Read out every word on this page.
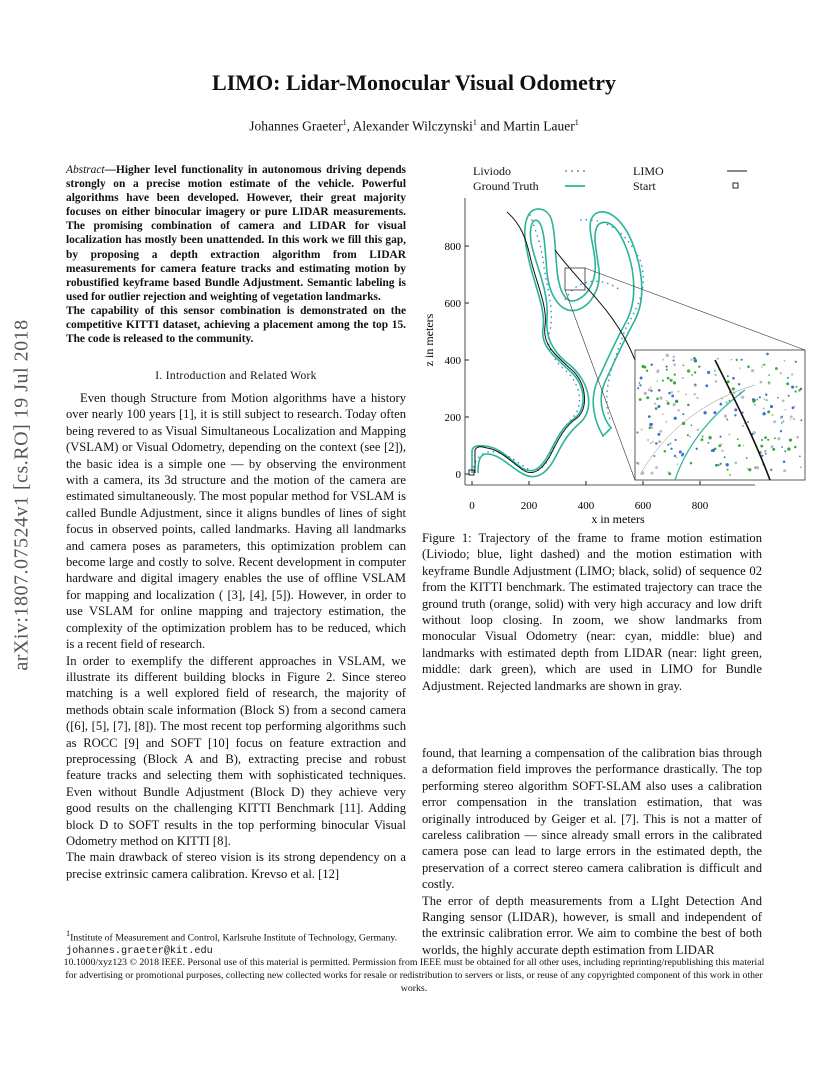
LIMO: Lidar-Monocular Visual Odometry
Johannes Graeter$^1$, Alexander Wilczynski$^1$ and Martin Lauer$^1$
arXiv:1807.07524v1 [cs.RO] 19 Jul 2018

Abstract—Higher level functionality in autonomous driving depends strongly on a precise motion estimate of the vehicle. Powerful algorithms have been developed. However, their great majority focuses on either binocular imagery or pure LIDAR measurements. The promising combination of camera and LIDAR for visual localization has mostly been unattended. In this work we fill this gap, by proposing a depth extraction algorithm from LIDAR measurements for camera feature tracks and estimating motion by robustified keyframe based Bundle Adjustment. Semantic labeling is used for outlier rejection and weighting of vegetation landmarks.

The capability of this sensor combination is demonstrated on the competitive KITTI dataset, achieving a placement among the top 15. The code is released to the community.

I. Introduction and Related Work

Even though Structure from Motion algorithms have a history over nearly 100 years [1], it is still subject to research. Today often being revered to as Visual Simultaneous Localization and Mapping (VSLAM) or Visual Odometry, depending on the context (see [2]), the basic idea is a simple one — by observing the environment with a camera, its 3d structure and the motion of the camera are estimated simultaneously. The most popular method for VSLAM is called Bundle Adjustment, since it aligns bundles of lines of sight focus in observed points, called landmarks. Having all landmarks and camera poses as parameters, this optimization problem can become large and costly to solve. Recent development in computer hardware and digital imagery enables the use of offline VSLAM for mapping and localization ( [3], [4], [5]). However, in order to use VSLAM for online mapping and trajectory estimation, the complexity of the optimization problem has to be reduced, which is a recent field of research.

In order to exemplify the different approaches in VSLAM, we illustrate its different building blocks in Figure 2. Since stereo matching is a well explored field of research, the majority of methods obtain scale information (Block S) from a second camera ([6], [5], [7], [8]). The most recent top performing algorithms such as ROCC [9] and SOFT [10] focus on feature extraction and preprocessing (Block A and B), extracting precise and robust feature tracks and selecting them with sophisticated techniques. Even without Bundle Adjustment (Block D) they achieve very good results on the challenging KITTI Benchmark [11]. Adding block D to SOFT results in the top performing binocular Visual Odometry method on KITTI [8].

The main drawback of stereo vision is its strong dependency on a precise extrinsic camera calibration. Krevso et al. [12]

$^1$Institute of Measurement and Control, Karlsruhe Institute of Technology, Germany. johannes.graeter@kit.edu
Liviodo
Ground Truth
LIMO
Start
0
200
400
600
800
0	200	400	600	800
x in meters
z in meters
Figure 1: Trajectory of the frame to frame motion estimation (Liviodo; blue, light dashed) and the motion estimation with keyframe Bundle Adjustment (LIMO; black, solid) of sequence 02 from the KITTI benchmark. The estimated trajectory can trace the ground truth (orange, solid) with very high accuracy and low drift without loop closing. In zoom, we show landmarks from monocular Visual Odometry (near: cyan, middle: blue) and landmarks with estimated depth from LIDAR (near: light green, middle: dark green), which are used in LIMO for Bundle Adjustment. Rejected landmarks are shown in gray.

found, that learning a compensation of the calibration bias through a deformation field improves the performance drastically. The top performing stereo algorithm SOFT-SLAM also uses a calibration error compensation in the translation estimation, that was originally introduced by Geiger et al. [7]. This is not a matter of careless calibration — since already small errors in the calibrated camera pose can lead to large errors in the estimated depth, the preservation of a correct stereo camera calibration is difficult and costly.

The error of depth measurements from a LIght Detection And Ranging sensor (LIDAR), however, is small and independent of the extrinsic calibration error. We aim to combine the best of both worlds, the highly accurate depth estimation from LIDAR

10.1000/xyz123 © 2018 IEEE. Personal use of this material is permitted. Permission from IEEE must be obtained for all other uses, including reprinting/republishing this material for advertising or promotional purposes, collecting new collected works for resale or redistribution to servers or lists, or reuse of any copyrighted component of this work in other works.
